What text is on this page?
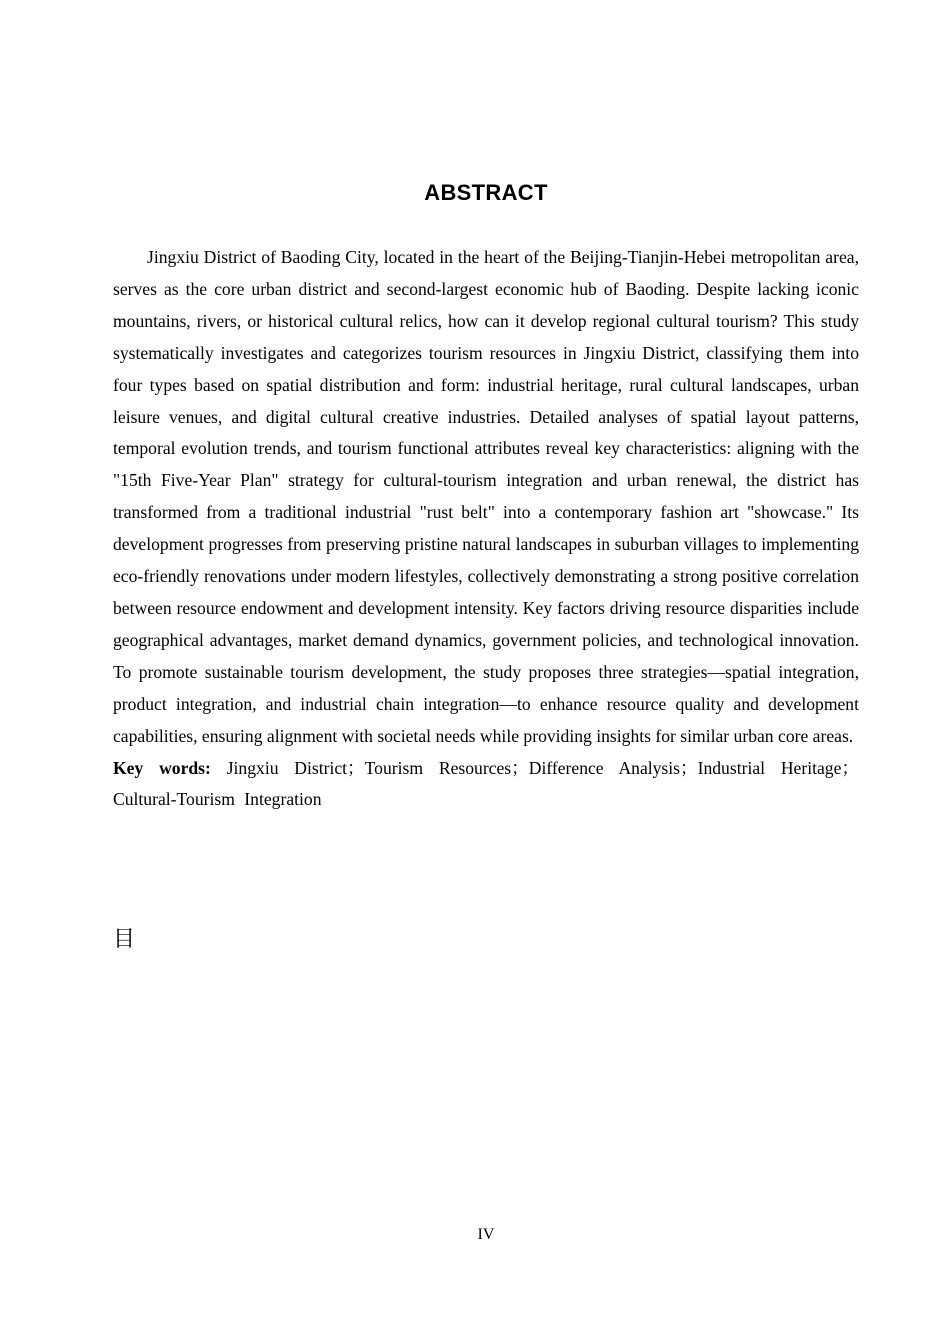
ABSTRACT

Jingxiu District of Baoding City, located in the heart of the Beijing-Tianjin-Hebei metropolitan area, serves as the core urban district and second-largest economic hub of Baoding. Despite lacking iconic mountains, rivers, or historical cultural relics, how can it develop regional cultural tourism? This study systematically investigates and categorizes tourism resources in Jingxiu District, classifying them into four types based on spatial distribution and form: industrial heritage, rural cultural landscapes, urban leisure venues, and digital cultural creative industries. Detailed analyses of spatial layout patterns, temporal evolution trends, and tourism functional attributes reveal key characteristics: aligning with the "15th Five-Year Plan" strategy for cultural-tourism integration and urban renewal, the district has transformed from a traditional industrial "rust belt" into a contemporary fashion art "showcase." Its development progresses from preserving pristine natural landscapes in suburban villages to implementing eco-friendly renovations under modern lifestyles, collectively demonstrating a strong positive correlation between resource endowment and development intensity. Key factors driving resource disparities include geographical advantages, market demand dynamics, government policies, and technological innovation. To promote sustainable tourism development, the study proposes three strategies—spatial integration, product integration, and industrial chain integration—to enhance resource quality and development capabilities, ensuring alignment with societal needs while providing insights for similar urban core areas.

Key words: Jingxiu District；Tourism Resources；Difference Analysis；Industrial Heritage；Cultural-Tourism Integration

目
IV
